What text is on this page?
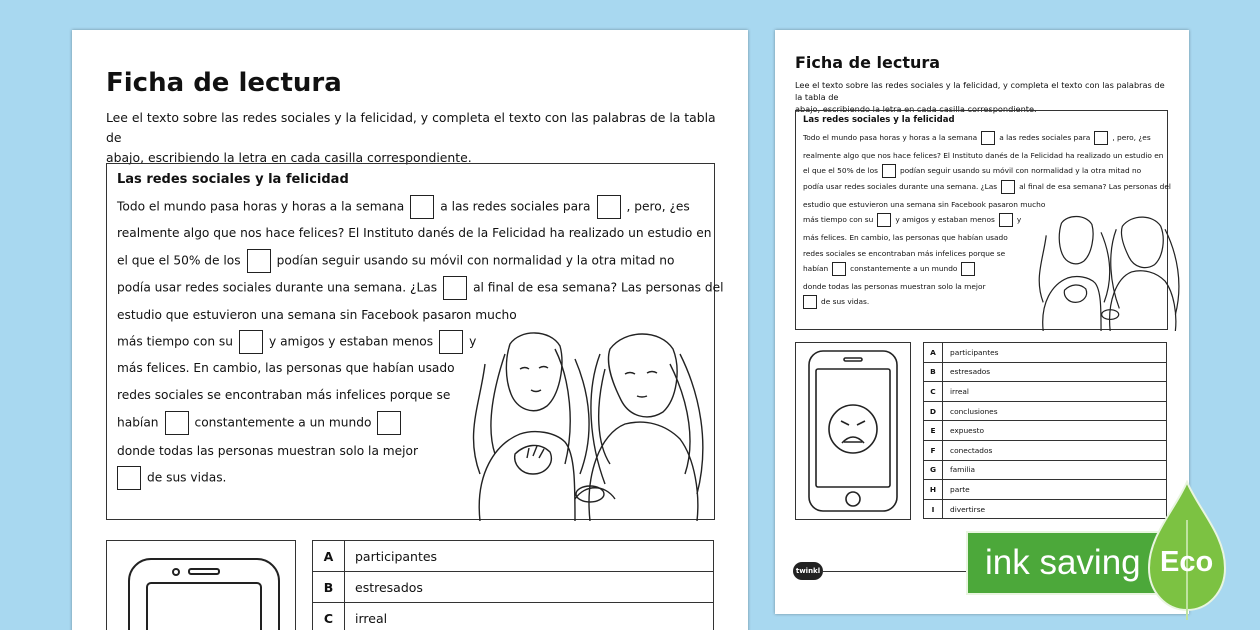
Ficha de lectura
Lee el texto sobre las redes sociales y la felicidad, y completa el texto con las palabras de la tabla de
abajo, escribiendo la letra en cada casilla correspondiente.
Las redes sociales y la felicidad
Todo el mundo pasa horas y horas a la semana	a las redes sociales para	, pero, ¿es
realmente algo que nos hace felices? El Instituto danés de la Felicidad ha realizado un estudio en
el que el 50% de los	podían seguir usando su móvil con normalidad y la otra mitad no
podía usar redes sociales durante una semana. ¿Las	al final de esa semana? Las personas del
estudio que estuvieron una semana sin Facebook pasaron mucho
más tiempo con su	y amigos y estaban menos	y
más felices. En cambio, las personas que habían usado
redes sociales se encontraban más infelices porque se
habían	constantemente a un mundo
donde todas las personas muestran solo la mejor
de sus vidas.
A	participantes
B	estresados
C	irreal
Ficha de lectura
Lee el texto sobre las redes sociales y la felicidad, y completa el texto con las palabras de la tabla de
abajo, escribiendo la letra en cada casilla correspondiente.
Las redes sociales y la felicidad
Todo el mundo pasa horas y horas a la semana	a las redes sociales para	, pero, ¿es
realmente algo que nos hace felices? El Instituto danés de la Felicidad ha realizado un estudio en
el que el 50% de los	podían seguir usando su móvil con normalidad y la otra mitad no
podía usar redes sociales durante una semana. ¿Las	al final de esa semana? Las personas del
estudio que estuvieron una semana sin Facebook pasaron mucho
más tiempo con su	y amigos y estaban menos	y
más felices. En cambio, las personas que habían usado
redes sociales se encontraban más infelices porque se
habían	constantemente a un mundo
donde todas las personas muestran solo la mejor
de sus vidas.
A	participantes
B	estresados
C	irreal
D	conclusiones
E	expuesto
F	conectados
G	familia
H	parte
I	divertirse
twinkl	ink saving Eco
